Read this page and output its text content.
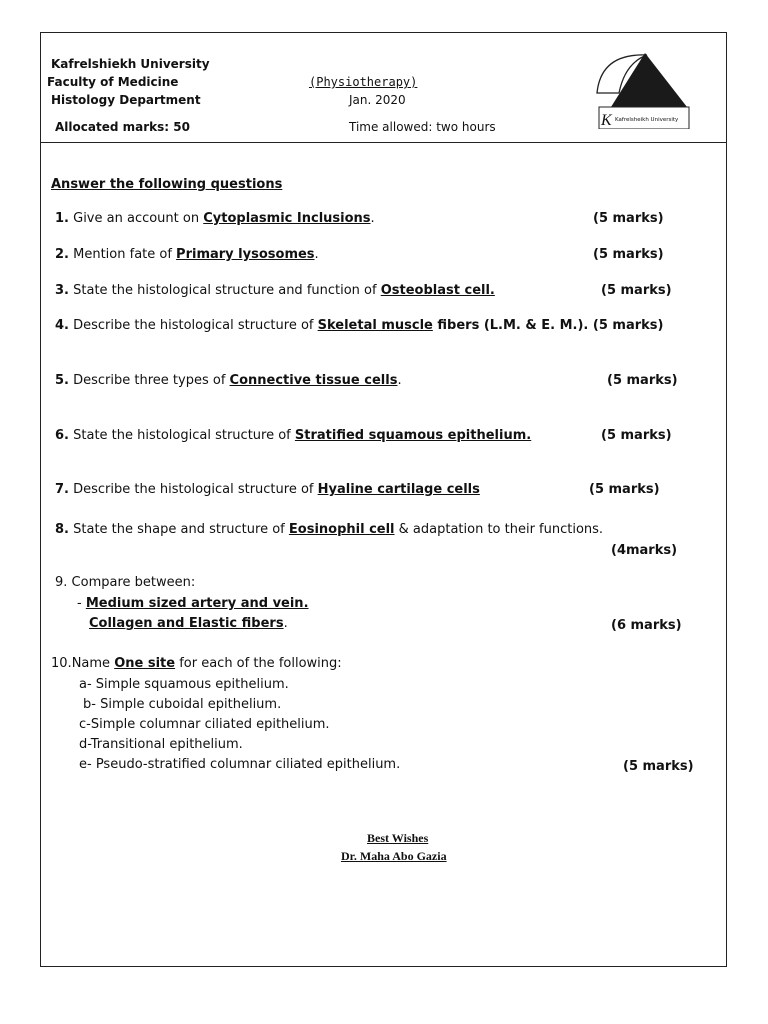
Kafrelshiekh University
Faculty of Medicine
Histology Department
Allocated marks: 50
(Physiotherapy)
Jan. 2020
Time allowed: two hours	K Kafrelsheikh University
Answer the following questions
1. Give an account on Cytoplasmic Inclusions.	(5 marks)
2. Mention fate of Primary lysosomes.	(5 marks)
3. State the histological structure and function of Osteoblast cell.	(5 marks)
4. Describe the histological structure of Skeletal muscle fibers (L.M. & E. M.). (5 marks)
5. Describe three types of Connective tissue cells.	(5 marks)
6. State the histological structure of Stratified squamous epithelium.	(5 marks)
7. Describe the histological structure of Hyaline cartilage cells	(5 marks)
8. State the shape and structure of Eosinophil cell & adaptation to their functions.
(4marks)
9. Compare between:
- Medium sized artery and vein.
Collagen and Elastic fibers.	(6 marks)
10.Name One site for each of the following:
a- Simple squamous epithelium.
b- Simple cuboidal epithelium.
c-Simple columnar ciliated epithelium.
d-Transitional epithelium.
e- Pseudo-stratified columnar ciliated epithelium.	(5 marks)
Best Wishes
Dr. Maha Abo Gazia
